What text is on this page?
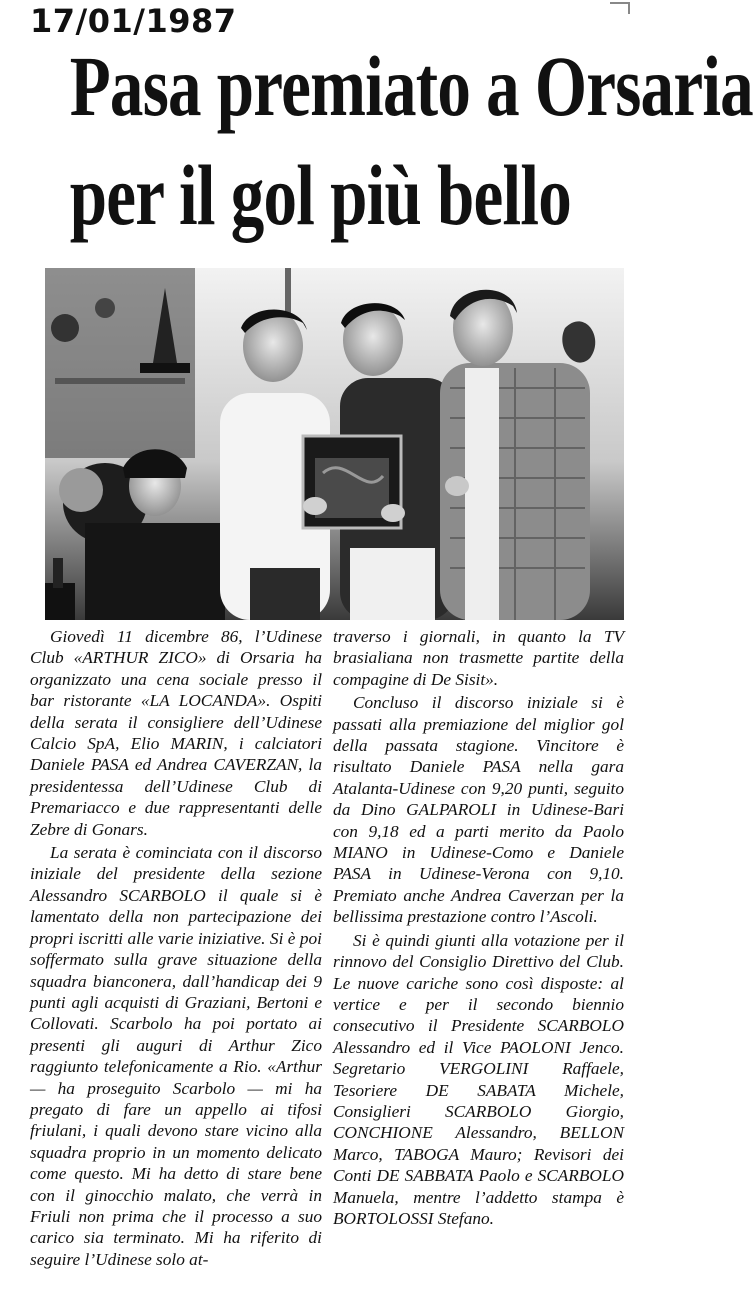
17/01/1987
Pasa premiato a Orsaria
per il gol più bello

Giovedì 11 dicembre 86, l’Udinese Club «ARTHUR ZICO» di Orsaria ha organizzato una cena sociale presso il bar ristorante «LA LOCANDA». Ospiti della serata il consigliere dell’Udinese Calcio SpA, Elio MARIN, i calciatori Daniele PASA ed Andrea CAVERZAN, la presidentessa dell’Udinese Club di Premariacco e due rappresentanti delle Zebre di Gonars.

La serata è cominciata con il discorso iniziale del presidente della sezione Alessandro SCARBOLO il quale si è lamentato della non partecipazione dei propri iscritti alle varie iniziative. Si è poi soffermato sulla grave situazione della squadra bianconera, dall’handicap dei 9 punti agli acquisti di Graziani, Bertoni e Collovati. Scarbolo ha poi portato ai presenti gli auguri di Arthur Zico raggiunto telefonicamente a Rio. «Arthur — ha proseguito Scarbolo — mi ha pregato di fare un appello ai tifosi friulani, i quali devono stare vicino alla squadra proprio in un momento delicato come questo. Mi ha detto di stare bene con il ginocchio malato, che verrà in Friuli non prima che il processo a suo carico sia terminato. Mi ha riferito di seguire l’Udinese solo at-

traverso i giornali, in quanto la TV brasialiana non trasmette partite della compagine di De Sisit».

Concluso il discorso iniziale si è passati alla premiazione del miglior gol della passata stagione. Vincitore è risultato Daniele PASA nella gara Atalanta-Udinese con 9,20 punti, seguito da Dino GALPAROLI in Udinese-Bari con 9,18 ed a parti merito da Paolo MIANO in Udinese-Como e Daniele PASA in Udinese-Verona con 9,10. Premiato anche Andrea Caverzan per la bellissima prestazione contro l’Ascoli.

Si è quindi giunti alla votazione per il rinnovo del Consiglio Direttivo del Club. Le nuove cariche sono così disposte: al vertice e per il secondo biennio consecutivo il Presidente SCARBOLO Alessandro ed il Vice PAOLONI Jenco. Segretario VERGOLINI Raffaele, Tesoriere DE SABATA Michele, Consiglieri SCARBOLO Giorgio, CONCHIONE Alessandro, BELLON Marco, TABOGA Mauro; Revisori dei Conti DE SABBATA Paolo e SCARBOLO Manuela, mentre l’addetto stampa è BORTOLOSSI Stefano.
